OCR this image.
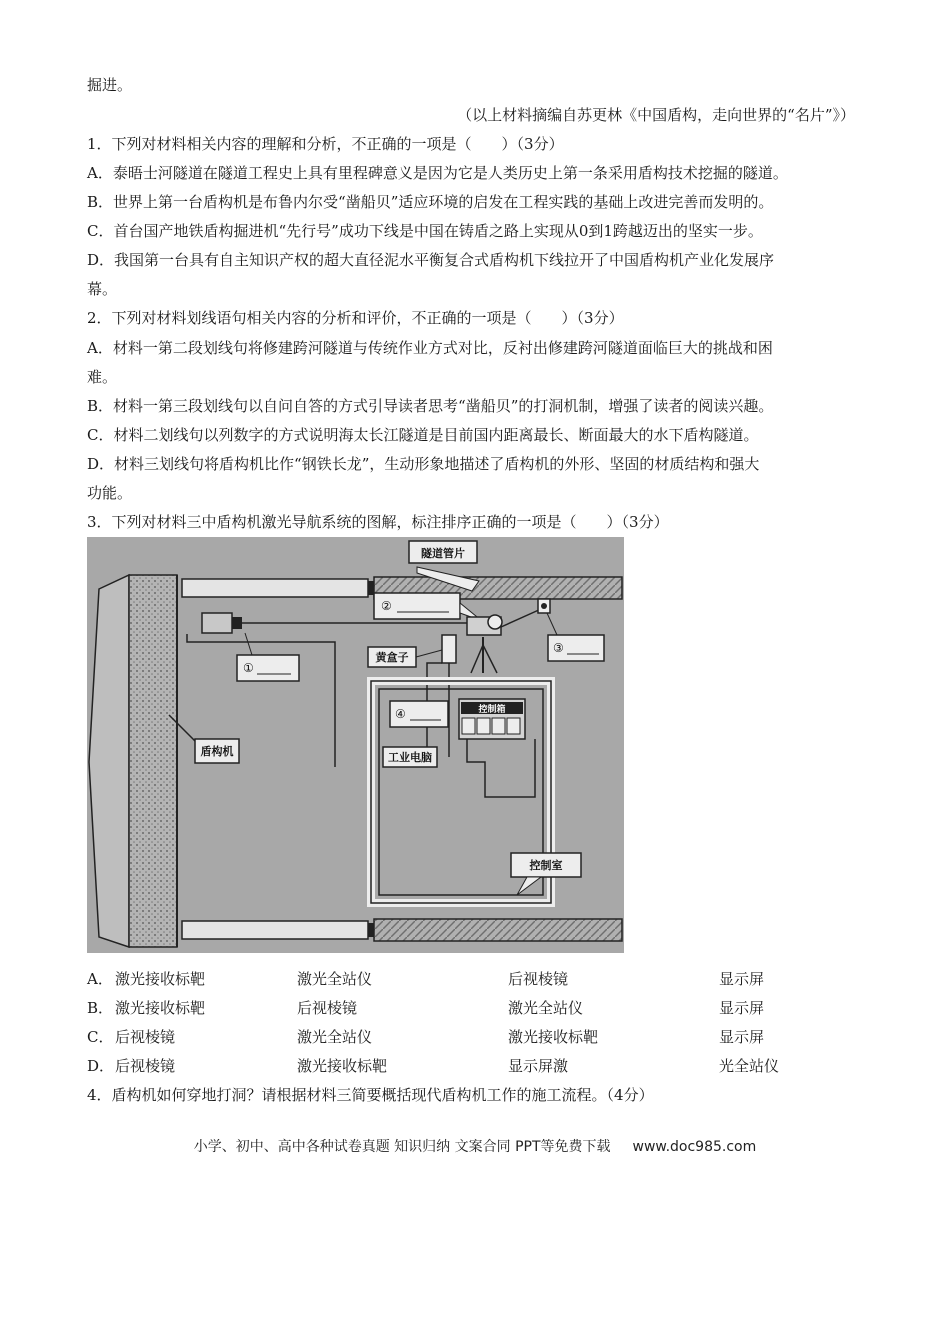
掘进。
（以上材料摘编自苏更林《中国盾构，走向世界的“名片”》）
1．下列对材料相关内容的理解和分析，不正确的一项是（　　）（3分）
A．泰晤士河隧道在隧道工程史上具有里程碑意义是因为它是人类历史上第一条采用盾构技术挖掘的隧道。
B．世界上第一台盾构机是布鲁内尔受“凿船贝”适应环境的启发在工程实践的基础上改进完善而发明的。
C．首台国产地铁盾构掘进机“先行号”成功下线是中国在铸盾之路上实现从0到1跨越迈出的坚实一步。
D．我国第一台具有自主知识产权的超大直径泥水平衡复合式盾构机下线拉开了中国盾构机产业化发展序
幕。
2．下列对材料划线语句相关内容的分析和评价，不正确的一项是（　　）（3分）
A．材料一第二段划线句将修建跨河隧道与传统作业方式对比，反衬出修建跨河隧道面临巨大的挑战和困
难。
B．材料一第三段划线句以自问自答的方式引导读者思考“凿船贝”的打洞机制，增强了读者的阅读兴趣。
C．材料二划线句以列数字的方式说明海太长江隧道是目前国内距离最长、断面最大的水下盾构隧道。
D．材料三划线句将盾构机比作“钢铁长龙”，生动形象地描述了盾构机的外形、坚固的材质结构和强大
功能。
3．下列对材料三中盾构机激光导航系统的图解，标注排序正确的一项是（　　）（3分）
隧道管片
①
②
黄盒子
③
④	控制箱
工业电脑
盾构机
控制室
A． 激光接收标靶	激光全站仪	后视棱镜	显示屏
B． 激光接收标靶	后视棱镜	激光全站仪	显示屏
C． 后视棱镜	激光全站仪	激光接收标靶	显示屏
D． 后视棱镜	激光接收标靶	显示屏激	光全站仪
4．盾构机如何穿地打洞？请根据材料三简要概括现代盾构机工作的施工流程。（4分）
小学、初中、高中各种试卷真题 知识归纳 文案合同 PPT等免费下载 www.doc985.com
